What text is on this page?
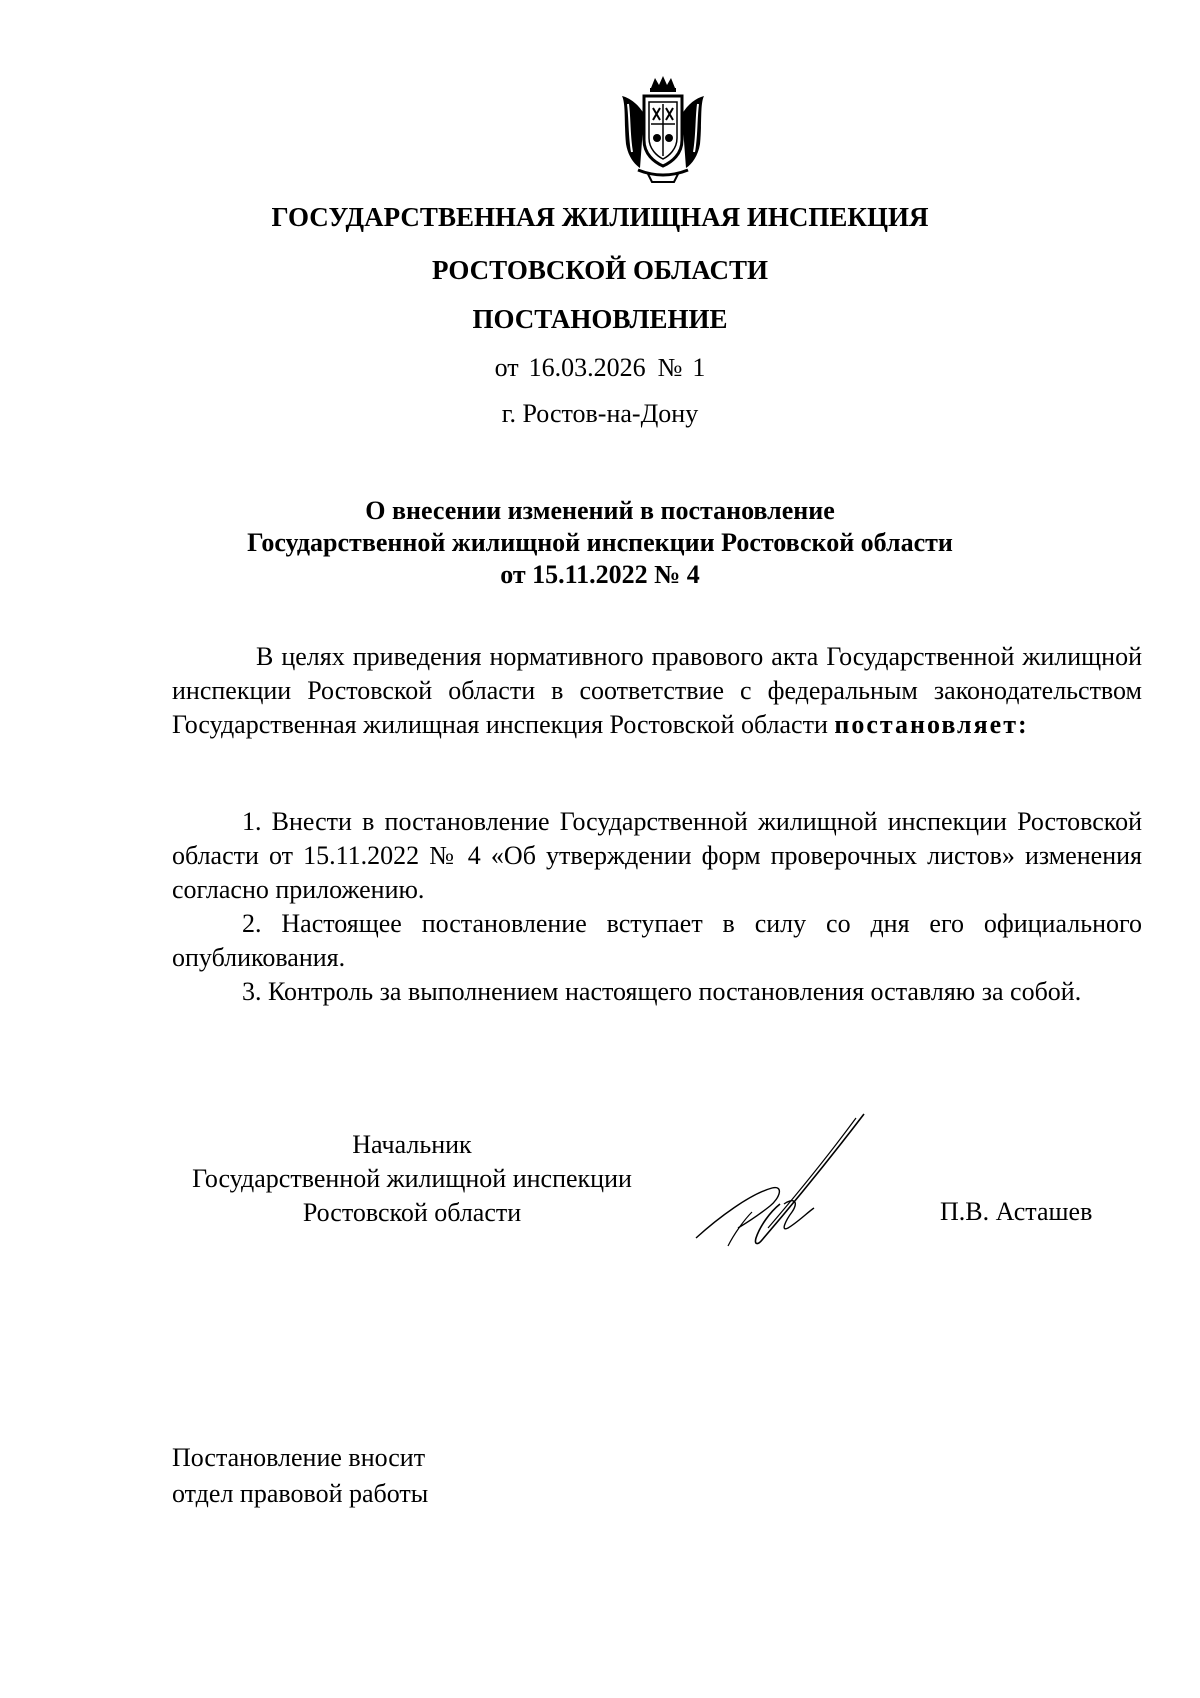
ГОСУДАРСТВЕННАЯ ЖИЛИЩНАЯ ИНСПЕКЦИЯ
РОСТОВСКОЙ ОБЛАСТИ
ПОСТАНОВЛЕНИЕ
от 16.03.2026 № 1
г. Ростов-на-Дону
О внесении изменений в постановление
Государственной жилищной инспекции Ростовской области
от 15.11.2022 № 4
В целях приведения нормативного правового акта Государственной жилищной инспекции Ростовской области в соответствие с федеральным законодательством Государственная жилищная инспекция Ростовской области постановляет:

1. Внести в постановление Государственной жилищной инспекции Ростовской области от 15.11.2022 № 4 «Об утверждении форм проверочных листов» изменения согласно приложению.

2. Настоящее постановление вступает в силу со дня его официального опубликования.

3. Контроль за выполнением настоящего постановления оставляю за собой.

Начальник
Государственной жилищной инспекции
Ростовской области	П.В. Асташев
Постановление вносит
отдел правовой работы
